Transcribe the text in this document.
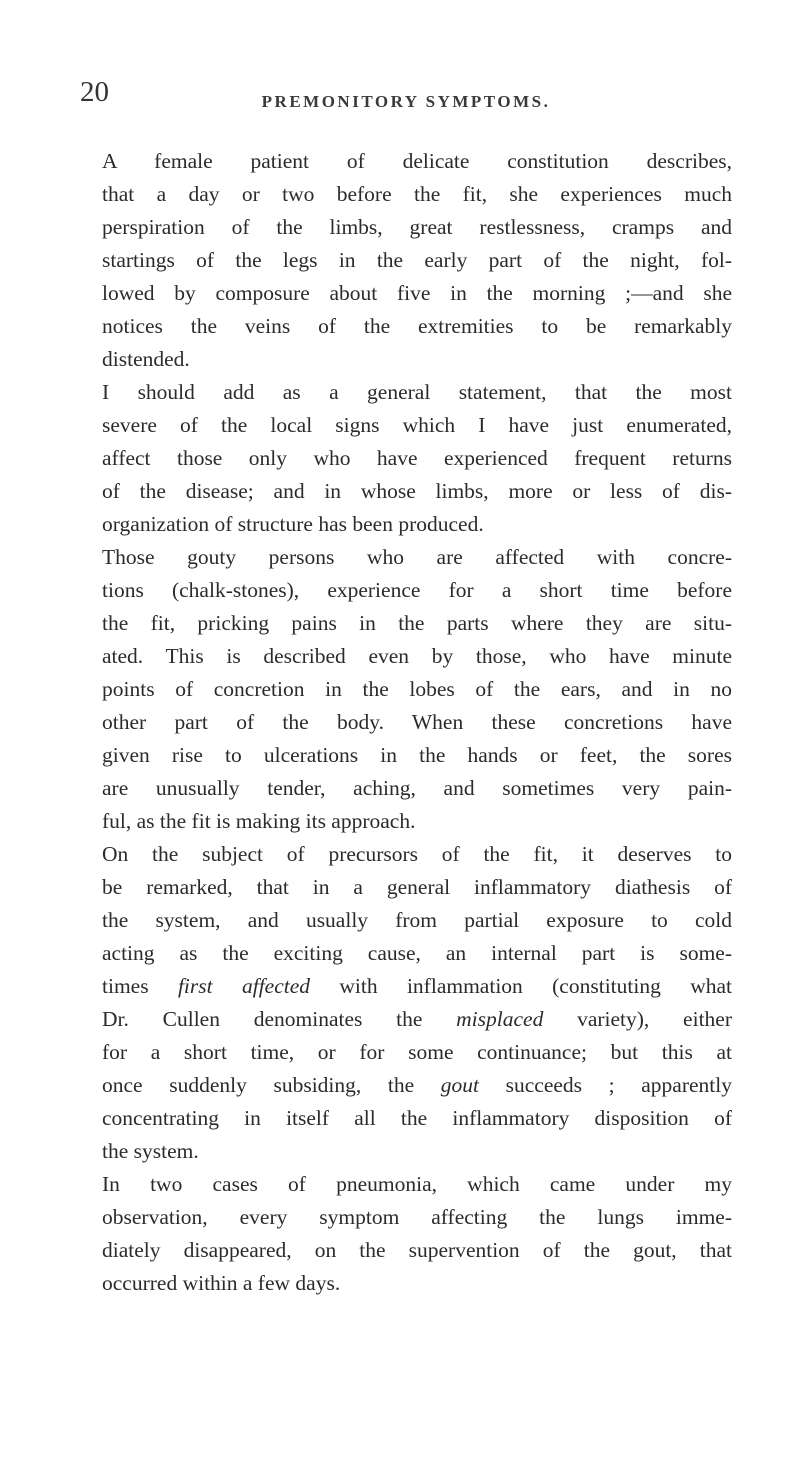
20	PREMONITORY SYMPTOMS.

A female patient of delicate constitution describes,
that a day or two before the fit, she experiences much
perspiration of the limbs, great restlessness, cramps and
startings of the legs in the early part of the night, fol-
lowed by composure about five in the morning ;—and she
notices the veins of the extremities to be remarkably
distended.

I should add as a general statement, that the most
severe of the local signs which I have just enumerated,
affect those only who have experienced frequent returns
of the disease; and in whose limbs, more or less of dis-
organization of structure has been produced.

Those gouty persons who are affected with concre-
tions (chalk-stones), experience for a short time before
the fit, pricking pains in the parts where they are situ-
ated. This is described even by those, who have minute
points of concretion in the lobes of the ears, and in no
other part of the body. When these concretions have
given rise to ulcerations in the hands or feet, the sores
are unusually tender, aching, and sometimes very pain-
ful, as the fit is making its approach.

On the subject of precursors of the fit, it deserves to
be remarked, that in a general inflammatory diathesis of
the system, and usually from partial exposure to cold
acting as the exciting cause, an internal part is some-
times first affected with inflammation (constituting what
Dr. Cullen denominates the misplaced variety), either
for a short time, or for some continuance; but this at
once suddenly subsiding, the gout succeeds ; apparently
concentrating in itself all the inflammatory disposition of
the system.

In two cases of pneumonia, which came under my
observation, every symptom affecting the lungs imme-
diately disappeared, on the supervention of the gout, that
occurred within a few days.
